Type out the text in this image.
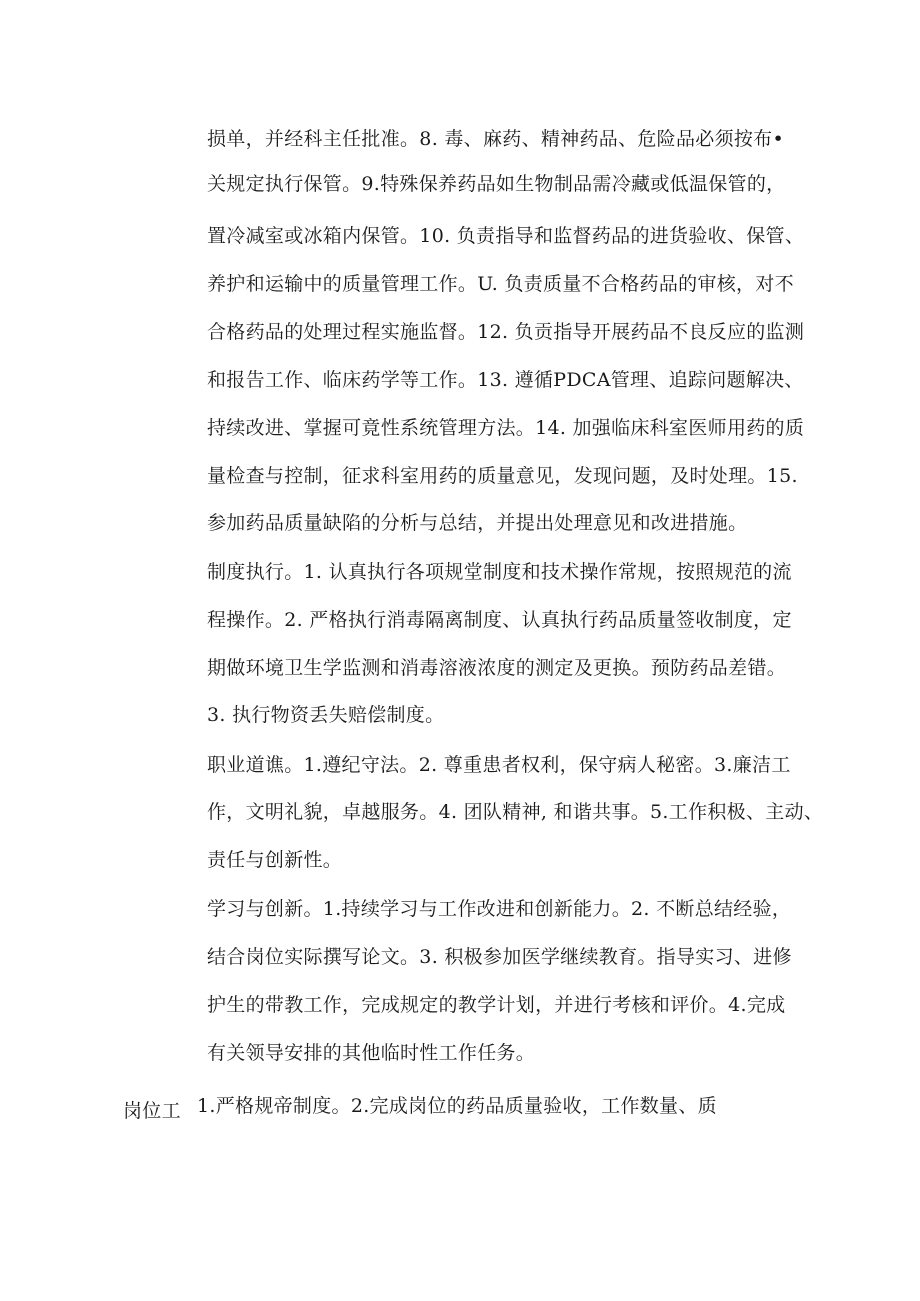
损单，并经科主任批准。8. 毒、麻药、精神药品、危险品必须按布•
关规定执行保管。9.特殊保养药品如生物制品需冷藏或低温保管的，
置冷减室或冰箱内保管。10. 负责指导和监督药品的进货验收、保管、
养护和运输中的质量管理工作。U. 负责质量不合格药品的审核，对不
合格药品的处理过程实施监督。12. 负贡指导开展药品不良反应的监测
和报告工作、临床药学等工作。13. 遵循PDCA管理、追踪问题解决、
持续改进、掌握可竟性系统管理方法。14. 加强临床科室医师用药的质
量检查与控制，征求科室用药的质量意见，发现问题，及时处理。15.
参加药品质量缺陷的分析与总结，并提出处理意见和改进措施。
制度执行。1. 认真执行各项规堂制度和技术操作常规，按照规范的流
程操作。2. 严格执行消毒隔离制度、认真执行药品质量签收制度，定
期做环境卫生学监测和消毒溶液浓度的测定及更换。预防药品差错。
3. 执行物资丢失赔偿制度。
职业道谯。1.遵纪守法。2. 尊重患者权利，保守病人秘密。3.廉洁工
作，文明礼貌，卓越服务。4. 团队精神, 和谐共事。5.工作积极、主动、
责任与创新性。
学习与创新。1.持续学习与工作改进和创新能力。2. 不断总结经验，
结合岗位实际撰写论文。3. 积极参加医学继续教育。指导实习、进修
护生的带教工作，完成规定的教学计划，并进行考核和评价。4.完成
有关领导安排的其他临时性工作任务。
岗位工 1.严格规帝制度。2.完成岗位的药品质量验收，工作数量、质
